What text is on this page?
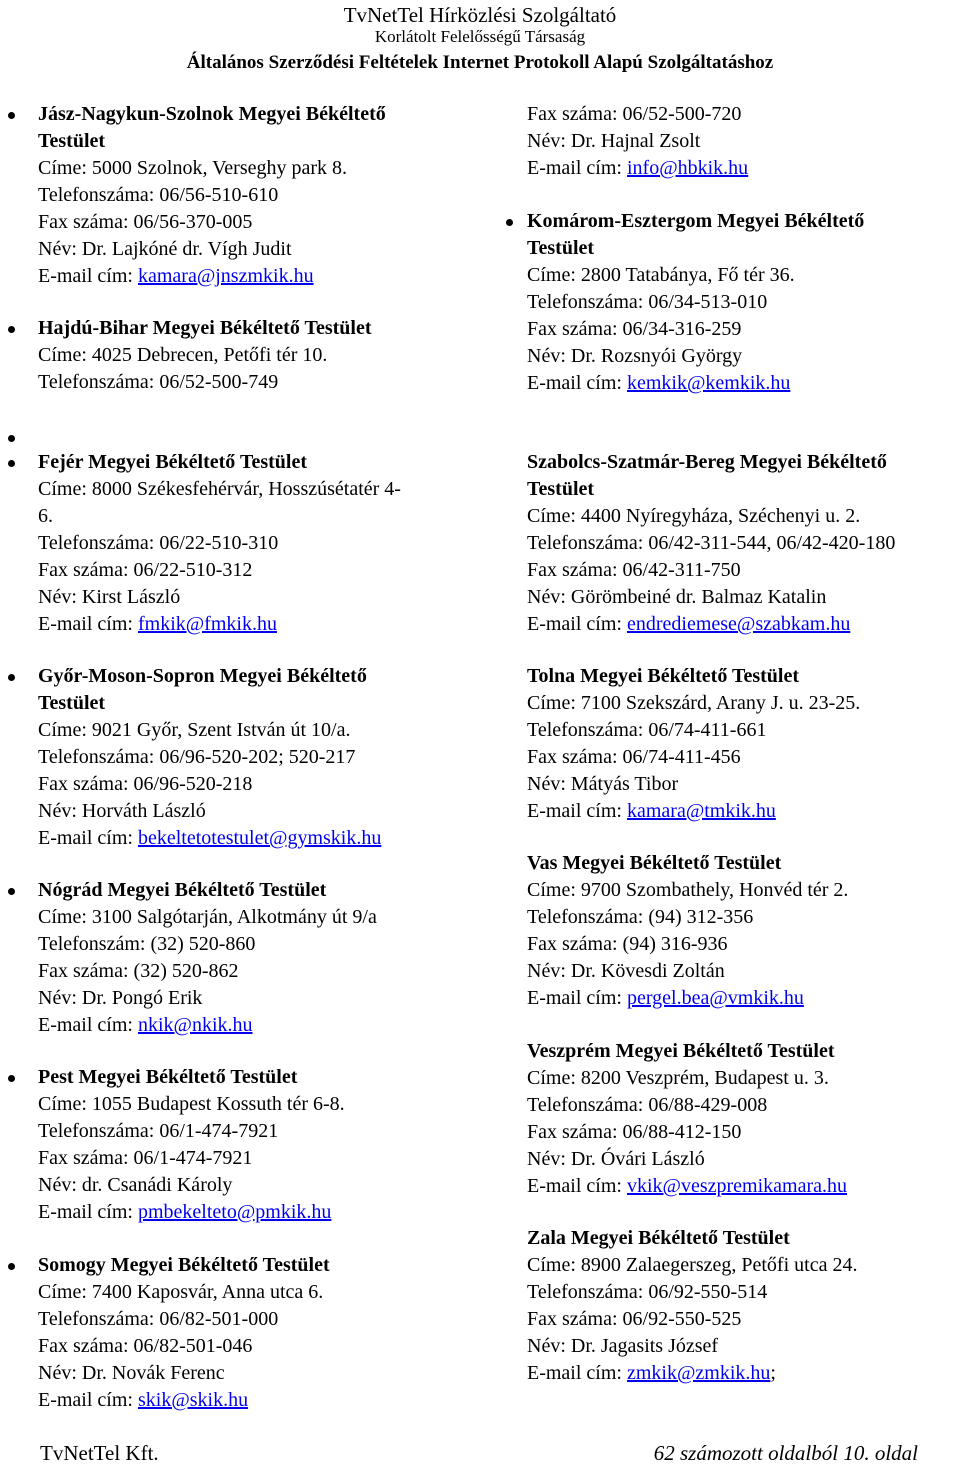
TvNetTel Hírközlési Szolgáltató
Korlátolt Felelősségű Társaság
Általános Szerződési Feltételek Internet Protokoll Alapú Szolgáltatáshoz
Jász-Nagykun-Szolnok Megyei Békéltető
Testület
Címe: 5000 Szolnok, Verseghy park 8.
Telefonszáma: 06/56-510-610
Fax száma: 06/56-370-005
Név: Dr. Lajkóné dr. Vígh Judit
E-mail cím: kamara@jnszmkik.hu
Hajdú-Bihar Megyei Békéltető Testület
Címe: 4025 Debrecen, Petőfi tér 10.
Telefonszáma: 06/52-500-749
Fejér Megyei Békéltető Testület
Címe: 8000 Székesfehérvár, Hosszúsétatér 4-
6.
Telefonszáma: 06/22-510-310
Fax száma: 06/22-510-312
Név: Kirst László
E-mail cím: fmkik@fmkik.hu
Győr-Moson-Sopron Megyei Békéltető
Testület
Címe: 9021 Győr, Szent István út 10/a.
Telefonszáma: 06/96-520-202; 520-217
Fax száma: 06/96-520-218
Név: Horváth László
E-mail cím: bekeltetotestulet@gymskik.hu
Nógrád Megyei Békéltető Testület
Címe: 3100 Salgótarján, Alkotmány út 9/a
Telefonszám: (32) 520-860
Fax száma: (32) 520-862
Név: Dr. Pongó Erik
E-mail cím: nkik@nkik.hu
Pest Megyei Békéltető Testület
Címe: 1055 Budapest Kossuth tér 6-8.
Telefonszáma: 06/1-474-7921
Fax száma: 06/1-474-7921
Név: dr. Csanádi Károly
E-mail cím: pmbekelteto@pmkik.hu
Somogy Megyei Békéltető Testület
Címe: 7400 Kaposvár, Anna utca 6.
Telefonszáma: 06/82-501-000
Fax száma: 06/82-501-046
Név: Dr. Novák Ferenc
E-mail cím: skik@skik.hu
Fax száma: 06/52-500-720
Név: Dr. Hajnal Zsolt
E-mail cím: info@hbkik.hu
Komárom-Esztergom Megyei Békéltető
Testület
Címe: 2800 Tatabánya, Fő tér 36.
Telefonszáma: 06/34-513-010
Fax száma: 06/34-316-259
Név: Dr. Rozsnyói György
E-mail cím: kemkik@kemkik.hu
Szabolcs-Szatmár-Bereg Megyei Békéltető
Testület
Címe: 4400 Nyíregyháza, Széchenyi u. 2.
Telefonszáma: 06/42-311-544, 06/42-420-180
Fax száma: 06/42-311-750
Név: Görömbeiné dr. Balmaz Katalin
E-mail cím: endrediemese@szabkam.hu
Tolna Megyei Békéltető Testület
Címe: 7100 Szekszárd, Arany J. u. 23-25.
Telefonszáma: 06/74-411-661
Fax száma: 06/74-411-456
Név: Mátyás Tibor
E-mail cím: kamara@tmkik.hu
Vas Megyei Békéltető Testület
Címe: 9700 Szombathely, Honvéd tér 2.
Telefonszáma: (94) 312-356
Fax száma: (94) 316-936
Név: Dr. Kövesdi Zoltán
E-mail cím: pergel.bea@vmkik.hu
Veszprém Megyei Békéltető Testület
Címe: 8200 Veszprém, Budapest u. 3.
Telefonszáma: 06/88-429-008
Fax száma: 06/88-412-150
Név: Dr. Óvári László
E-mail cím: vkik@veszpremikamara.hu
Zala Megyei Békéltető Testület
Címe: 8900 Zalaegerszeg, Petőfi utca 24.
Telefonszáma: 06/92-550-514
Fax száma: 06/92-550-525
Név: Dr. Jagasits József
E-mail cím: zmkik@zmkik.hu;
TvNetTel Kft.	62 számozott oldalból 10. oldal
